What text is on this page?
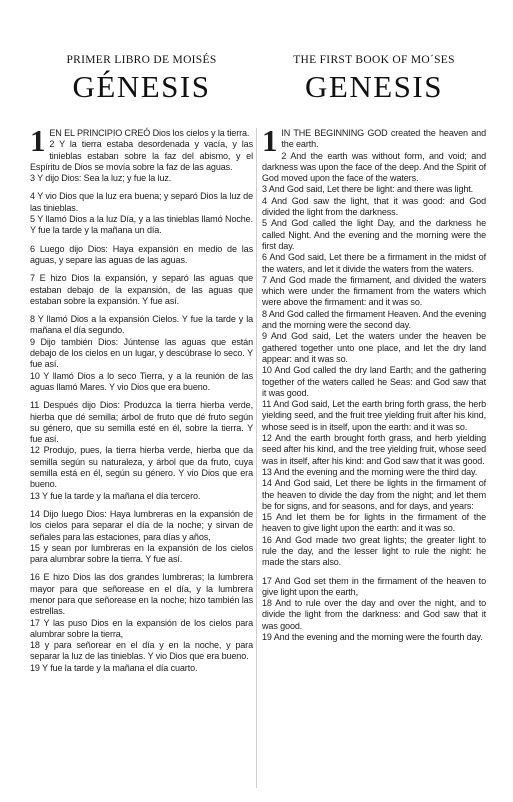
PRIMER LIBRO DE MOISÉS
GÉNESIS
1 EN EL PRINCIPIO CREÓ Dios los cielos y la tierra.
2 Y la tierra estaba desordenada y vacía, y las tinieblas estaban sobre la faz del abismo, y el Espíritu de Dios se movía sobre la faz de las aguas.
3 Y dijo Dios: Sea la luz; y fue la luz.
4 Y vio Dios que la luz era buena; y separó Dios la luz de las tinieblas.
5 Y llamó Dios a la luz Día, y a las tinieblas llamó Noche. Y fue la tarde y la mañana un día.
6 Luego dijo Dios: Haya expansión en medio de las aguas, y separe las aguas de las aguas.
7 E hizo Dios la expansión, y separó las aguas que estaban debajo de la expansión, de las aguas que estaban sobre la expansión. Y fue así.
8 Y llamó Dios a la expansión Cielos. Y fue la tarde y la mañana el día segundo.
9 Dijo también Dios: Júntense las aguas que están debajo de los cielos en un lugar, y descúbrase lo seco. Y fue así.
10 Y llamó Dios a lo seco Tierra, y a la reunión de las aguas llamó Mares. Y vio Dios que era bueno.
11 Después dijo Dios: Produzca la tierra hierba verde, hierba que dé semilla; árbol de fruto que dé fruto según su género, que su semilla esté en él, sobre la tierra. Y fue así.
12 Produjo, pues, la tierra hierba verde, hierba que da semilla según su naturaleza, y árbol que da fruto, cuya semilla está en él, según su género. Y vio Dios que era bueno.
13 Y fue la tarde y la mañana el día tercero.
14 Dijo luego Dios: Haya lumbreras en la expansión de los cielos para separar el día de la noche; y sirvan de señales para las estaciones, para días y años,
15 y sean por lumbreras en la expansión de los cielos para alumbrar sobre la tierra. Y fue así.
16 E hizo Dios las dos grandes lumbreras; la lumbrera mayor para que señorease en el día, y la lumbrera menor para que señorease en la noche; hizo también las estrellas.
17 Y las puso Dios en la expansión de los cielos para alumbrar sobre la tierra,
18 y para señorear en el día y en la noche, y para separar la luz de las tinieblas. Y vio Dios que era bueno.
19 Y fue la tarde y la mañana el día cuarto.
THE FIRST BOOK OF MO´SES
GENESIS
1 IN THE BEGINNING GOD created the heaven and the earth.
2 And the earth was without form, and void; and darkness was upon the face of the deep. And the Spirit of God moved upon the face of the waters.
3 And God said, Let there be light: and there was light.
4 And God saw the light, that it was good: and God divided the light from the darkness.
5 And God called the light Day, and the darkness he called Night. And the evening and the morning were the first day.
6 And God said, Let there be a firmament in the midst of the waters, and let it divide the waters from the waters.
7 And God made the firmament, and divided the waters which were under the firmament from the waters which were above the firmament: and it was so.
8 And God called the firmament Heaven. And the evening and the morning were the second day.
9 And God said, Let the waters under the heaven be gathered together unto one place, and let the dry land appear: and it was so.
10 And God called the dry land Earth; and the gathering together of the waters called he Seas: and God saw that it was good.
11 And God said, Let the earth bring forth grass, the herb yielding seed, and the fruit tree yielding fruit after his kind, whose seed is in itself, upon the earth: and it was so.
12 And the earth brought forth grass, and herb yielding seed after his kind, and the tree yielding fruit, whose seed was in itself, after his kind: and God saw that it was good.
13 And the evening and the morning were the third day.
14 And God said, Let there be lights in the firmament of the heaven to divide the day from the night; and let them be for signs, and for seasons, and for days, and years:
15 And let them be for lights in the firmament of the heaven to give light upon the earth: and it was so.
16 And God made two great lights; the greater light to rule the day, and the lesser light to rule the night: he made the stars also.
17 And God set them in the firmament of the heaven to give light upon the earth,
18 And to rule over the day and over the night, and to divide the light from the darkness: and God saw that it was good.
19 And the evening and the morning were the fourth day.
